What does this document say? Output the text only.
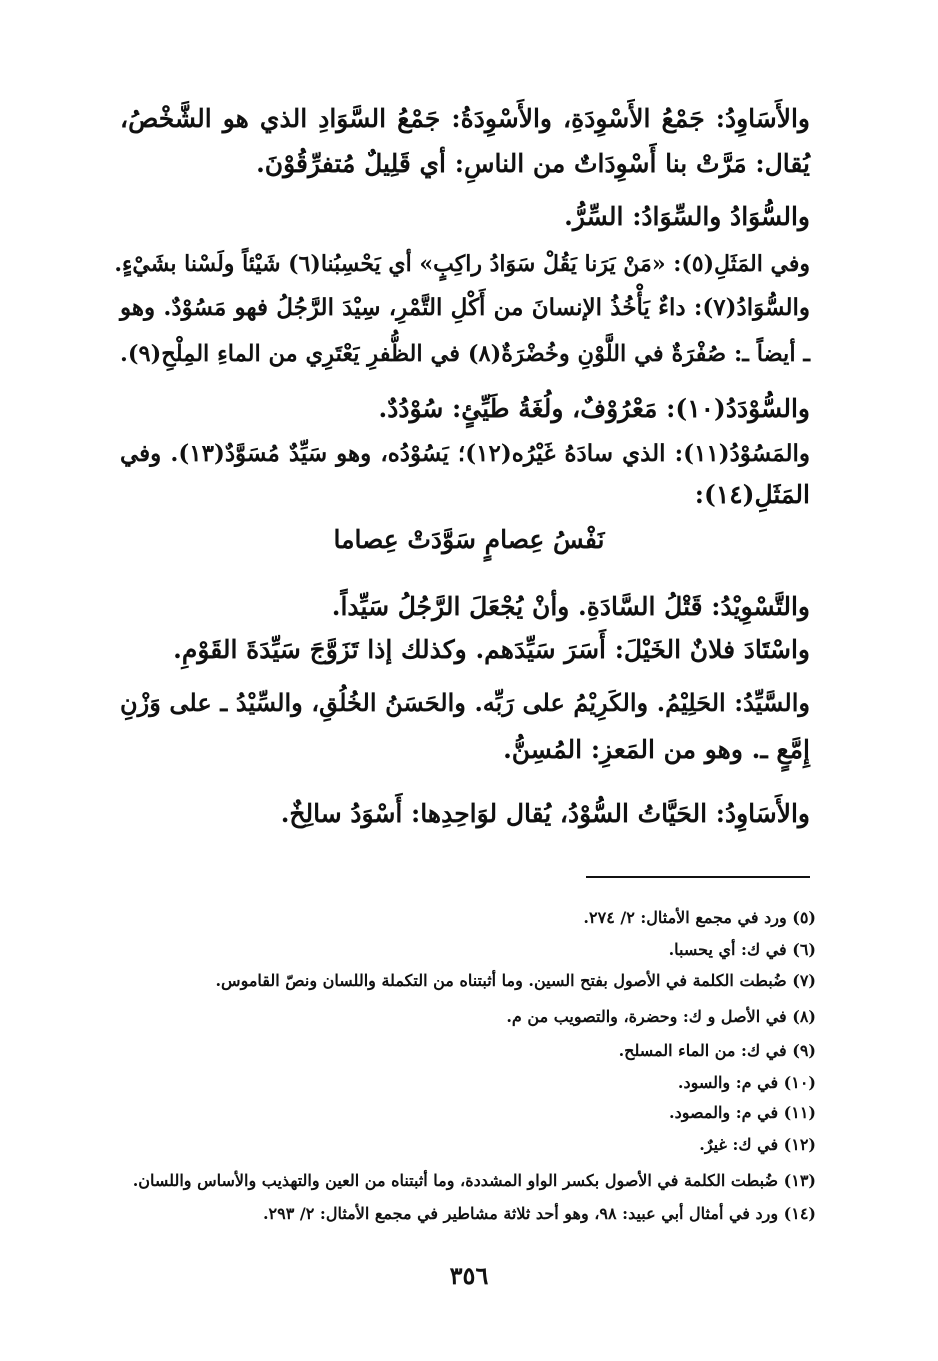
والأَسَاوِدُ: جَمْعُ الأَسْوِدَةِ، والأَسْوِدَةُ: جَمْعُ السَّوَادِ الذي هو الشَّخْصُ،
يُقال: مَرَّتْ بنا أَسْوِدَاتٌ من الناسِ: أي قَلِيلٌ مُتفرِّقُوْنَ.
والسُّوَادُ والسِّوَادُ: السِّرُّ.
وفي المَثَلِ(٥): «مَنْ يَرَنا يَقُلْ سَوَادُ راكِبٍ» أي يَحْسِبُنا(٦) شَيْئاً ولَسْنا بشَيْءٍ.
والسُّوَادُ(٧): داءٌ يَأْخُذُ الإنسانَ من أَكْلِ التَّمْرِ، سِيْدَ الرَّجُلُ فهو مَسُوْدٌ. وهو
ـ أيضاً ـ: صُفْرَةٌ في اللَّوْنِ وخُضْرَةٌ(٨) في الظُّفرِ يَعْتَرِي من الماءِ المِلْحِ(٩).
والسُّوْدَدُ(١٠): مَعْرُوْفٌ، ولُغَةُ طَيِّئٍ: سُوْدُدٌ.
والمَسُوْدُ(١١): الذي سادَهُ غَيْرُه(١٢)؛ يَسُوْدُه، وهو سَيِّدٌ مُسَوَّدٌ(١٣). وفي
المَثَلِ(١٤):
نَفْسُ عِصامٍ سَوَّدَتْ عِصاما
والتَّسْوِيْدُ: قَتْلُ السَّادَةِ. وأنْ يُجْعَلَ الرَّجُلُ سَيِّداً.
واسْتَادَ فلانٌ الخَيْلَ: أَسَرَ سَيِّدَهم. وكذلك إذا تَزَوَّجَ سَيِّدَةَ القَوْمِ.
والسَّيِّدُ: الحَلِيْمُ. والكَرِيْمُ على رَبِّه. والحَسَنُ الخُلُقِ، والسِّيْدُ ـ على وَزْنِ
إِمَّعٍ ـ. وهو من المَعزِ: المُسِنُّ.
والأَسَاوِدُ: الحَيَّاتُ السُّوْدُ، يُقال لوَاحِدِها: أَسْوَدُ سالِخٌ.
(٥) ورد في مجمع الأمثال: ٢/ ٢٧٤.
(٦) في ك: أي يحسبا.
(٧) ضُبطت الكلمة في الأصول بفتح السين. وما أثبتناه من التكملة واللسان ونصّ القاموس.
(٨) في الأصل و ك: وحضرة، والتصويب من م.
(٩) في ك: من الماء المسلح.
(١٠) في م: والسود.
(١١) في م: والمصود.
(١٢) في ك: غيرٌ.
(١٣) ضُبطت الكلمة في الأصول بكسر الواو المشددة، وما أثبتناه من العين والتهذيب والأساس واللسان.
(١٤) ورد في أمثال أبي عبيد: ٩٨، وهو أحد ثلاثة مشاطير في مجمع الأمثال: ٢/ ٢٩٣.
٣٥٦
